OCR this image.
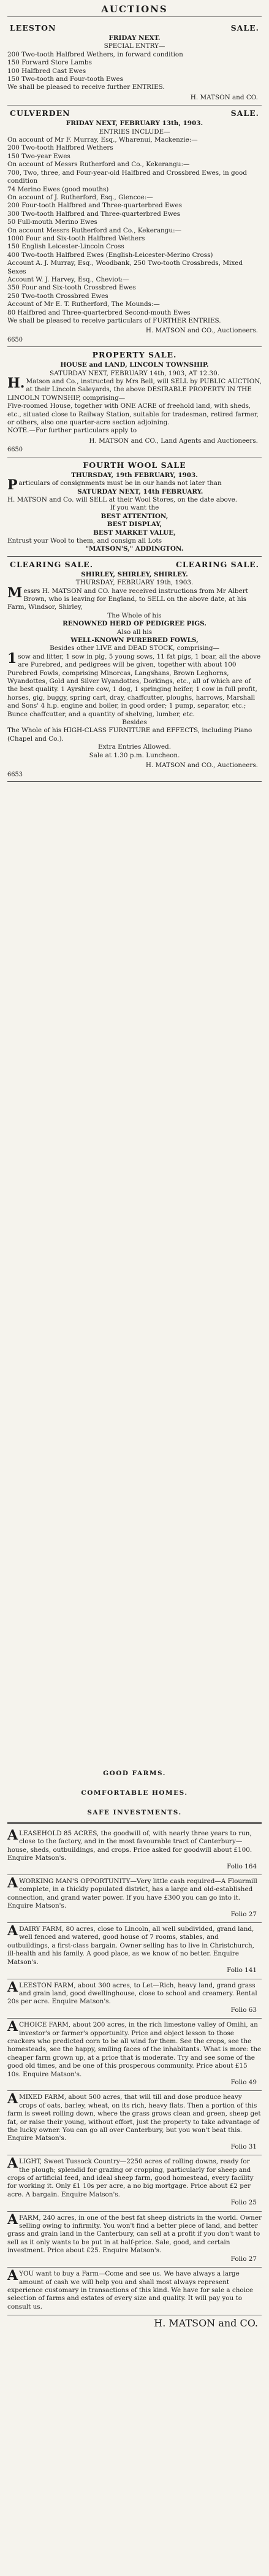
AUCTIONS
LEESTON	SALE.

FRIDAY NEXT.

SPECIAL ENTRY—

200 Two-tooth Halfbred Wethers, in forward condition

150 Forward Store Lambs

100 Halfbred Cast Ewes

150 Two-tooth and Four-tooth Ewes

We shall be pleased to receive further ENTRIES.

H. MATSON and CO.
CULVERDEN	SALE.

FRIDAY NEXT, FEBRUARY 13th, 1903.

ENTRIES INCLUDE—

On account of Mr F. Murray, Esq., Wharenui, Mackenzie:—

200 Two-tooth Halfbred Wethers

150 Two-year Ewes

On account of Messrs Rutherford and Co., Kekerangu:—

700, Two, three, and Four-year-old Halfbred and Crossbred Ewes, in good condition

74 Merino Ewes (good mouths)

On account of J. Rutherford, Esq., Glencoe:—

200 Four-tooth Halfbred and Three-quarterbred Ewes

300 Two-tooth Halfbred and Three-quarterbred Ewes

50 Full-mouth Merino Ewes

On account Messrs Rutherford and Co., Kekerangu:—

1000 Four and Six-tooth Halfbred Wethers

150 English Leicester-Lincoln Cross

400 Two-tooth Halfbred Ewes (English-Leicester-Merino Cross)

Account A. J. Murray, Esq., Woodbank, 250 Two-tooth Crossbreds, Mixed Sexes

Account W. J. Harvey, Esq., Cheviot:—

350 Four and Six-tooth Crossbred Ewes

250 Two-tooth Crossbred Ewes

Account of Mr E. T. Rutherford, The Mounds:—

80 Halfbred and Three-quarterbred Second-mouth Ewes

We shall be pleased to receive particulars of FURTHER ENTRIES.

H. MATSON and CO., Auctioneers.
6650
PROPERTY SALE.

HOUSE and LAND, LINCOLN TOWNSHIP.

SATURDAY NEXT, FEBRUARY 14th, 1903, AT 12.30.

H.Matson and Co., instructed by Mrs Bell, will SELL by PUBLIC AUCTION, at their Lincoln Saleyards, the above DESIRABLE PROPERTY IN THE LINCOLN TOWNSHIP, comprising—

Five-roomed House, together with ONE ACRE of freehold land, with sheds, etc., situated close to Railway Station, suitable for tradesman, retired farmer, or others, also one quarter-acre section adjoining.

NOTE.—For further particulars apply to

H. MATSON and CO., Land Agents and Auctioneers.
6650
FOURTH WOOL SALE

THURSDAY, 19th FEBRUARY, 1903.

Particulars of consignments must be in our hands not later than

SATURDAY NEXT, 14th FEBRUARY.

H. MATSON and Co. will SELL at their Wool Stores, on the date above.

If you want the

BEST ATTENTION,

BEST DISPLAY,

BEST MARKET VALUE,

Entrust your Wool to them, and consign all Lots

"MATSON'S," ADDINGTON.

CLEARING SALE.	CLEARING SALE.

SHIRLEY, SHIRLEY, SHIRLEY.

THURSDAY, FEBRUARY 19th, 1903.

Messrs H. MATSON and CO. have received instructions from Mr Albert Brown, who is leaving for England, to SELL on the above date, at his Farm, Windsor, Shirley,

The Whole of his

RENOWNED HERD OF PEDIGREE PIGS.

Also all his

WELL-KNOWN PUREBRED FOWLS,

Besides other LIVE and DEAD STOCK, comprising—

1sow and litter, 1 sow in pig, 5 young sows, 11 fat pigs, 1 boar, all the above are Purebred, and pedigrees will be given, together with about 100 Purebred Fowls, comprising Minorcas, Langshans, Brown Leghorns, Wyandottes, Gold and Silver Wyandottes, Dorkings, etc., all of which are of the best quality. 1 Ayrshire cow, 1 dog, 1 springing heifer, 1 cow in full profit, horses, gig, buggy, spring cart, dray, chaffcutter, ploughs, harrows, Marshall and Sons' 4 h.p. engine and boiler, in good order; 1 pump, separator, etc.; Bunce chaffcutter, and a quantity of shelving, lumber, etc.

Besides

The Whole of his HIGH-CLASS FURNITURE and EFFECTS, including Piano (Chapel and Co.).

Extra Entries Allowed.

Sale at 1.30 p.m. Luncheon.

H. MATSON and CO., Auctioneers.
6653
GOOD FARMS.
COMFORTABLE HOMES.
SAFE INVESTMENTS.

ALEASEHOLD 85 ACRES, the goodwill of, with nearly three years to run, close to the factory, and in the most favourable tract of Canterbury—house, sheds, outbuildings, and crops. Price asked for goodwill about £100. Enquire Matson's.

Folio 164

AWORKING MAN'S OPPORTUNITY—Very little cash required—A Flourmill complete, in a thickly populated district, has a large and old-established connection, and grand water power. If you have £300 you can go into it. Enquire Matson's.

Folio 27

ADAIRY FARM, 80 acres, close to Lincoln, all well subdivided, grand land, well fenced and watered, good house of 7 rooms, stables, and outbuildings, a first-class bargain. Owner selling has to live in Christchurch, ill-health and his family. A good place, as we know of no better. Enquire Matson's.

Folio 141

ALEESTON FARM, about 300 acres, to Let—Rich, heavy land, grand grass and grain land, good dwellinghouse, close to school and creamery. Rental 20s per acre. Enquire Matson's.

Folio 63

ACHOICE FARM, about 200 acres, in the rich limestone valley of Omihi, an investor's or farmer's opportunity. Price and object lesson to those crackers who predicted corn to be all wind for them. See the crops, see the homesteads, see the happy, smiling faces of the inhabitants. What is more: the cheaper farm grown up, at a price that is moderate. Try and see some of the good old times, and be one of this prosperous community. Price about £15 10s. Enquire Matson's.

Folio 49

AMIXED FARM, about 500 acres, that will till and dose produce heavy crops of oats, barley, wheat, on its rich, heavy flats. Then a portion of this farm is sweet rolling down, where the grass grows clean and green, sheep get fat, or raise their young, without effort, just the property to take advantage of the lucky owner. You can go all over Canterbury, but you won't beat this. Enquire Matson's.

Folio 31

ALIGHT, Sweet Tussock Country—2250 acres of rolling downs, ready for the plough; splendid for grazing or cropping, particularly for sheep and crops of artificial feed, and ideal sheep farm, good homestead, every facility for working it. Only £1 10s per acre, a no big mortgage. Price about £2 per acre. A bargain. Enquire Matson's.

Folio 25

AFARM, 240 acres, in one of the best fat sheep districts in the world. Owner selling owing to infirmity. You won't find a better piece of land, and better grass and grain land in the Canterbury, can sell at a profit if you don't want to sell as it only wants to be put in at half-price. Sale, good, and certain investment. Price about £25. Enquire Matson's.

Folio 27

AYOU want to buy a Farm—Come and see us. We have always a large amount of cash we will help you and shall most always represent experience customary in transactions of this kind. We have for sale a choice selection of farms and estates of every size and quality. It will pay you to consult us.

H. MATSON and CO.
